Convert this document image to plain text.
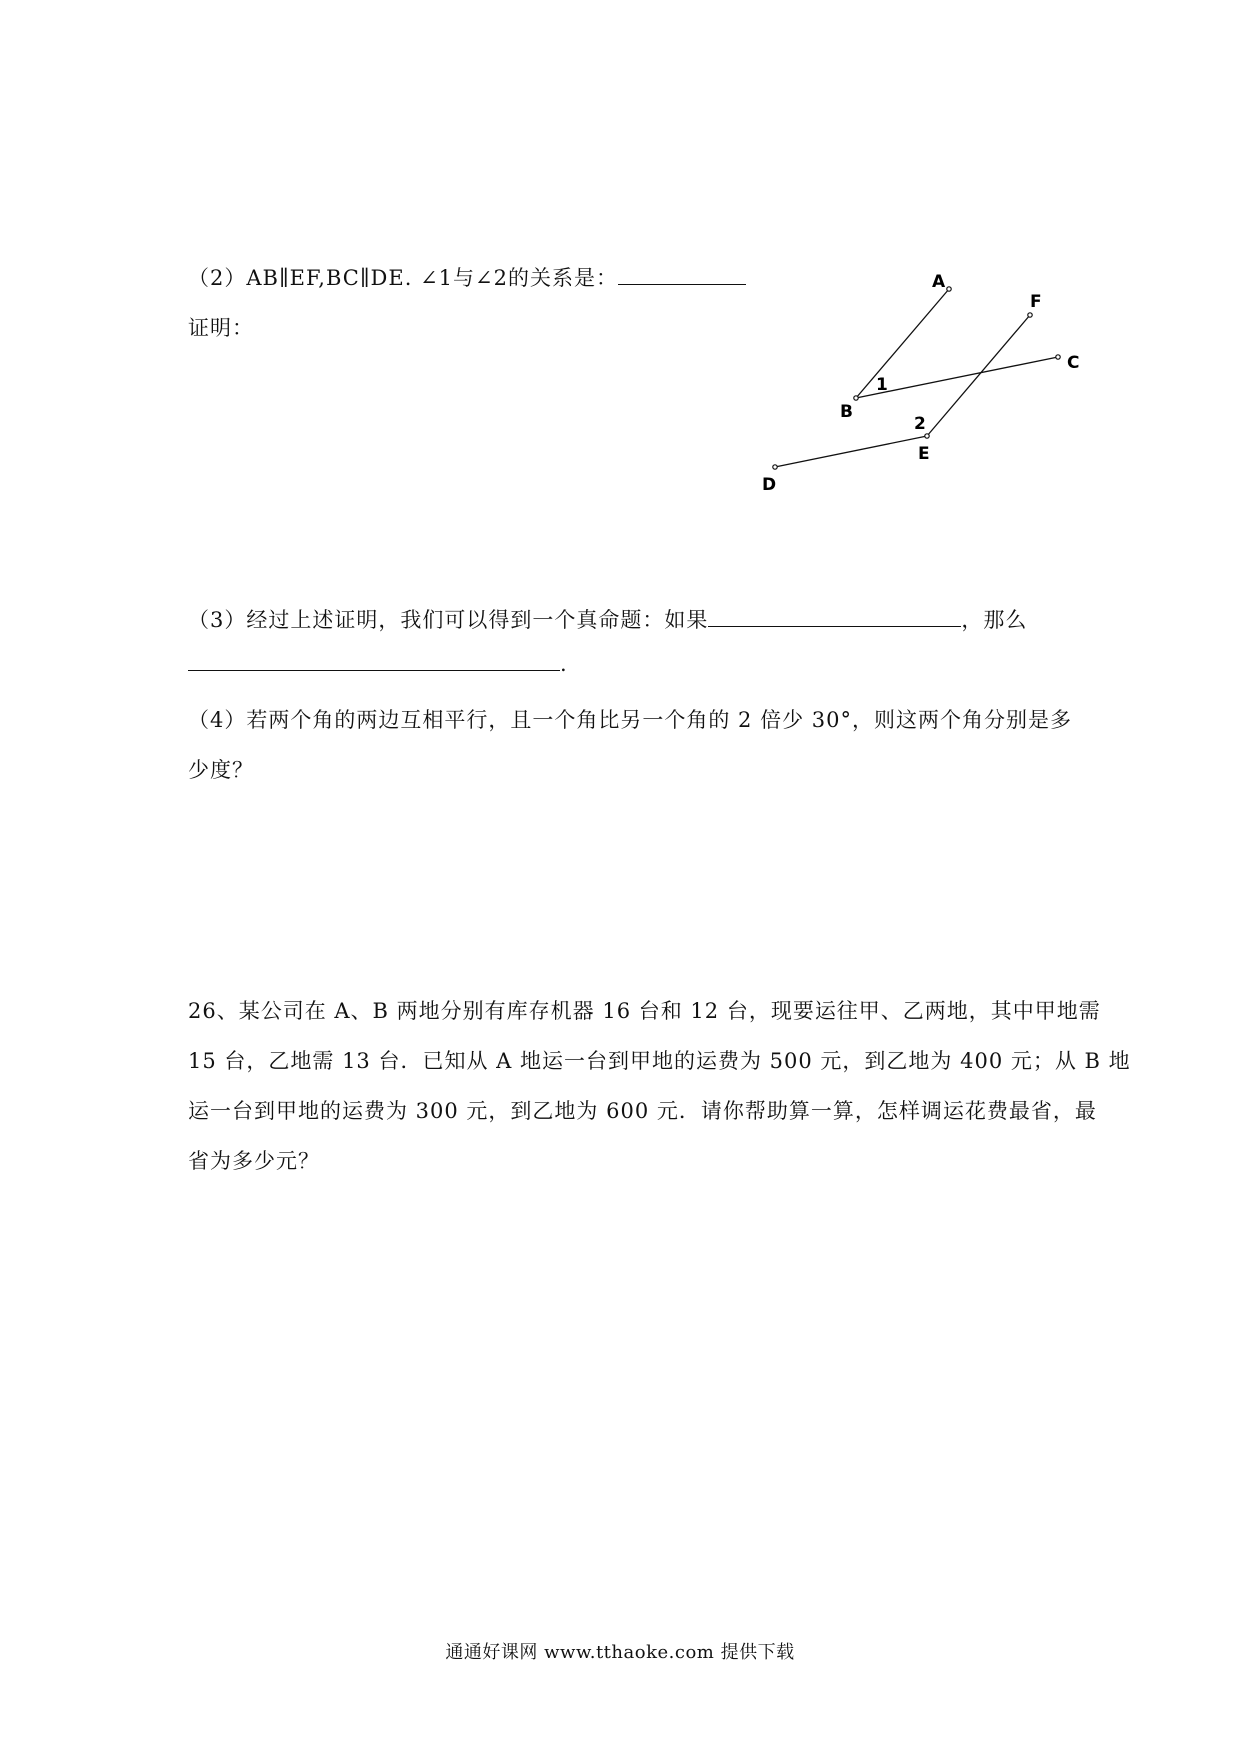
（2）AB∥EF,BC∥DE. ∠1与∠2的关系是：
证明：
A
F
C
B
E
D
1
2
（3）经过上述证明，我们可以得到一个真命题：如果	，那么
.
（4）若两个角的两边互相平行，且一个角比另一个角的 2 倍少 30°，则这两个角分别是多
少度？
26、某公司在 A、B 两地分别有库存机器 16 台和 12 台，现要运往甲、乙两地，其中甲地需
15 台，乙地需 13 台．已知从 A 地运一台到甲地的运费为 500 元，到乙地为 400 元；从 B 地
运一台到甲地的运费为 300 元，到乙地为 600 元．请你帮助算一算，怎样调运花费最省，最
省为多少元？
通通好课网 www.tthaoke.com 提供下载
